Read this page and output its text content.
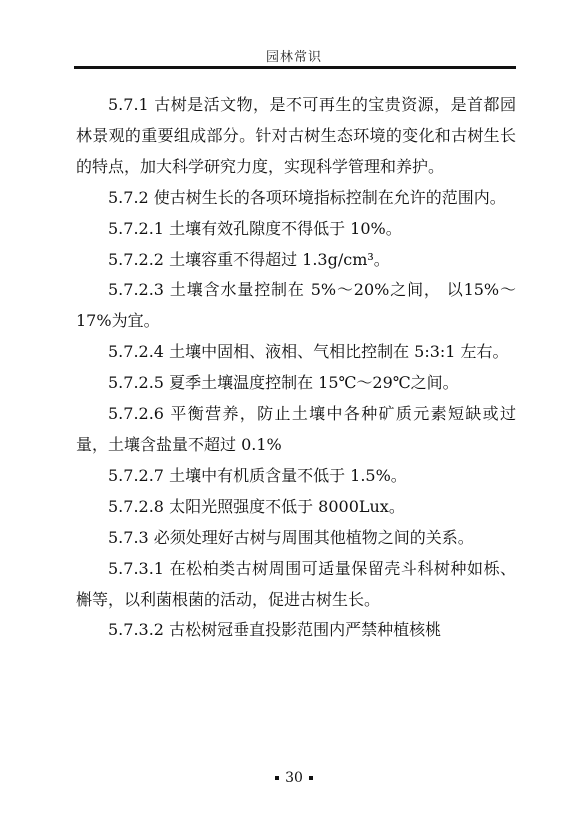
园林常识

5.7.1 古树是活文物，是不可再生的宝贵资源，是首都园林景观的重要组成部分。针对古树生态环境的变化和古树生长的特点，加大科学研究力度，实现科学管理和养护。

5.7.2 使古树生长的各项环境指标控制在允许的范围内。

5.7.2.1 土壤有效孔隙度不得低于 10%。

5.7.2.2 土壤容重不得超过 1.3g/cm³。

5.7.2.3 土壤含水量控制在 5%～20%之间， 以15%～17%为宜。

5.7.2.4 土壤中固相、液相、气相比控制在 5:3:1 左右。

5.7.2.5 夏季土壤温度控制在 15℃～29℃之间。

5.7.2.6 平衡营养，防止土壤中各种矿质元素短缺或过量，土壤含盐量不超过 0.1%

5.7.2.7 土壤中有机质含量不低于 1.5%。

5.7.2.8 太阳光照强度不低于 8000Lux。

5.7.3 必须处理好古树与周围其他植物之间的关系。

5.7.3.1 在松柏类古树周围可适量保留壳斗科树种如栎、槲等，以利菌根菌的活动，促进古树生长。

5.7.3.2 古松树冠垂直投影范围内严禁种植核桃

30
